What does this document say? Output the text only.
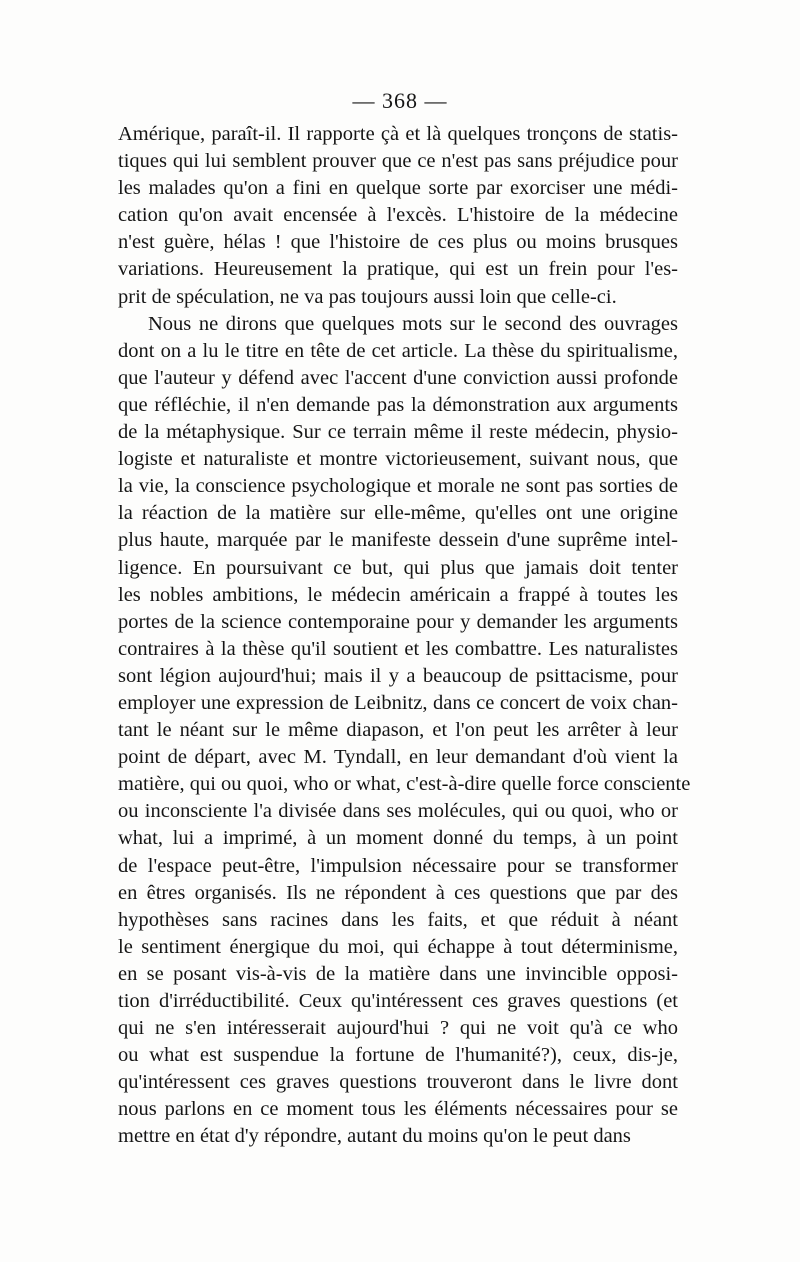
— 368 —
Amérique, paraît-il. Il rapporte çà et là quelques tronçons de statis-
tiques qui lui semblent prouver que ce n'est pas sans préjudice pour
les malades qu'on a fini en quelque sorte par exorciser une médi-
cation qu'on avait encensée à l'excès. L'histoire de la médecine
n'est guère, hélas ! que l'histoire de ces plus ou moins brusques
variations. Heureusement la pratique, qui est un frein pour l'es-
prit de spéculation, ne va pas toujours aussi loin que celle-ci.
Nous ne dirons que quelques mots sur le second des ouvrages
dont on a lu le titre en tête de cet article. La thèse du spiritualisme,
que l'auteur y défend avec l'accent d'une conviction aussi profonde
que réfléchie, il n'en demande pas la démonstration aux arguments
de la métaphysique. Sur ce terrain même il reste médecin, physio-
logiste et naturaliste et montre victorieusement, suivant nous, que
la vie, la conscience psychologique et morale ne sont pas sorties de
la réaction de la matière sur elle-même, qu'elles ont une origine
plus haute, marquée par le manifeste dessein d'une suprême intel-
ligence. En poursuivant ce but, qui plus que jamais doit tenter
les nobles ambitions, le médecin américain a frappé à toutes les
portes de la science contemporaine pour y demander les arguments
contraires à la thèse qu'il soutient et les combattre. Les naturalistes
sont légion aujourd'hui; mais il y a beaucoup de psittacisme, pour
employer une expression de Leibnitz, dans ce concert de voix chan-
tant le néant sur le même diapason, et l'on peut les arrêter à leur
point de départ, avec M. Tyndall, en leur demandant d'où vient la
matière, qui ou quoi, who or what, c'est-à-dire quelle force consciente
ou inconsciente l'a divisée dans ses molécules, qui ou quoi, who or
what, lui a imprimé, à un moment donné du temps, à un point
de l'espace peut-être, l'impulsion nécessaire pour se transformer
en êtres organisés. Ils ne répondent à ces questions que par des
hypothèses sans racines dans les faits, et que réduit à néant
le sentiment énergique du moi, qui échappe à tout déterminisme,
en se posant vis-à-vis de la matière dans une invincible opposi-
tion d'irréductibilité. Ceux qu'intéressent ces graves questions (et
qui ne s'en intéresserait aujourd'hui ? qui ne voit qu'à ce who
ou what est suspendue la fortune de l'humanité?), ceux, dis-je,
qu'intéressent ces graves questions trouveront dans le livre dont
nous parlons en ce moment tous les éléments nécessaires pour se
mettre en état d'y répondre, autant du moins qu'on le peut dans
